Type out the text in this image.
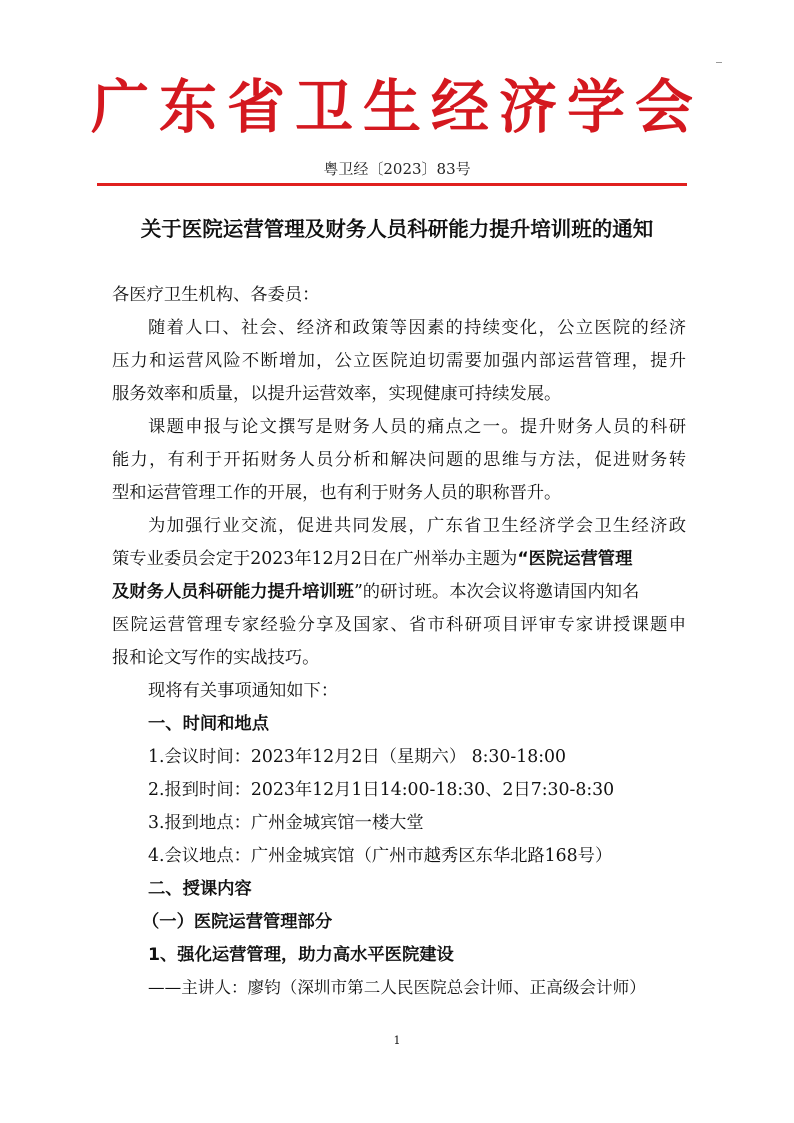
广东省卫生经济学会
粤卫经〔2023〕83号
关于医院运营管理及财务人员科研能力提升培训班的通知
各医疗卫生机构、各委员：
随着人口、社会、经济和政策等因素的持续变化，公立医院的经济
压力和运营风险不断增加，公立医院迫切需要加强内部运营管理，提升
服务效率和质量，以提升运营效率，实现健康可持续发展。
课题申报与论文撰写是财务人员的痛点之一。提升财务人员的科研
能力，有利于开拓财务人员分析和解决问题的思维与方法，促进财务转
型和运营管理工作的开展，也有利于财务人员的职称晋升。
为加强行业交流，促进共同发展，广东省卫生经济学会卫生经济政
策专业委员会定于2023年12月2日在广州举办主题为“医院运营管理
及财务人员科研能力提升培训班”的研讨班。本次会议将邀请国内知名
医院运营管理专家经验分享及国家、省市科研项目评审专家讲授课题申
报和论文写作的实战技巧。
现将有关事项通知如下：
一、时间和地点
1.会议时间：2023年12月2日（星期六） 8:30-18:00
2.报到时间：2023年12月1日14:00-18:30、2日7:30-8:30
3.报到地点：广州金城宾馆一楼大堂
4.会议地点：广州金城宾馆（广州市越秀区东华北路168号）
二、授课内容
（一）医院运营管理部分
1、强化运营管理，助力高水平医院建设
——主讲人：廖钧（深圳市第二人民医院总会计师、正高级会计师）
1
